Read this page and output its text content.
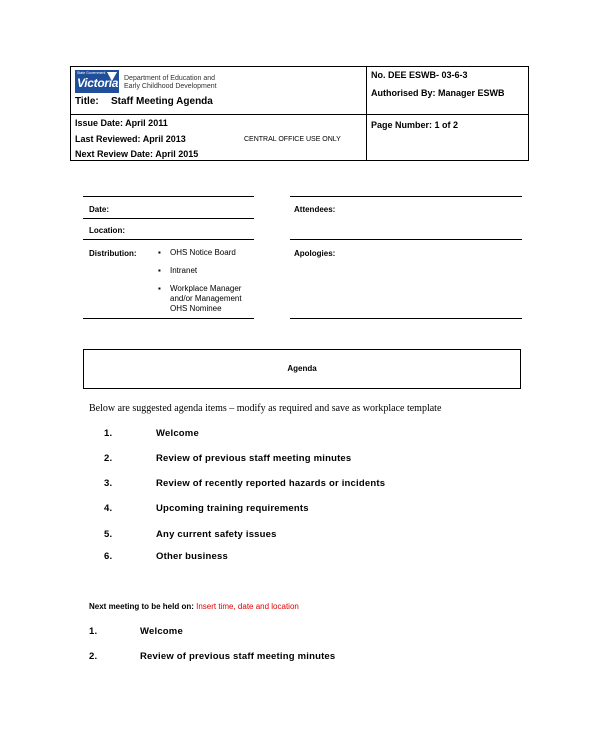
State Government
Victoria Department of Education and
Early Childhood Development
Title: Staff Meeting Agenda
No. DEE ESWB- 03-6-3
Authorised By: Manager ESWB
Issue Date: April 2011
Last Reviewed: April 2013
Next Review Date: April 2015
CENTRAL OFFICE USE ONLY
Page Number: 1 of 2
Date:
Location:
Distribution:	▪ OHS Notice Board
▪ Intranet
▪ Workplace Manager
and/or Management
OHS Nominee
Attendees:
Apologies:
Agenda
Below are suggested agenda items – modify as required and save as workplace template
1.	Welcome
2.	Review of previous staff meeting minutes
3.	Review of recently reported hazards or incidents
4.	Upcoming training requirements
5.	Any current safety issues
6.	Other business
Next meeting to be held on: Insert time, date and location
1.	Welcome
2.	Review of previous staff meeting minutes
